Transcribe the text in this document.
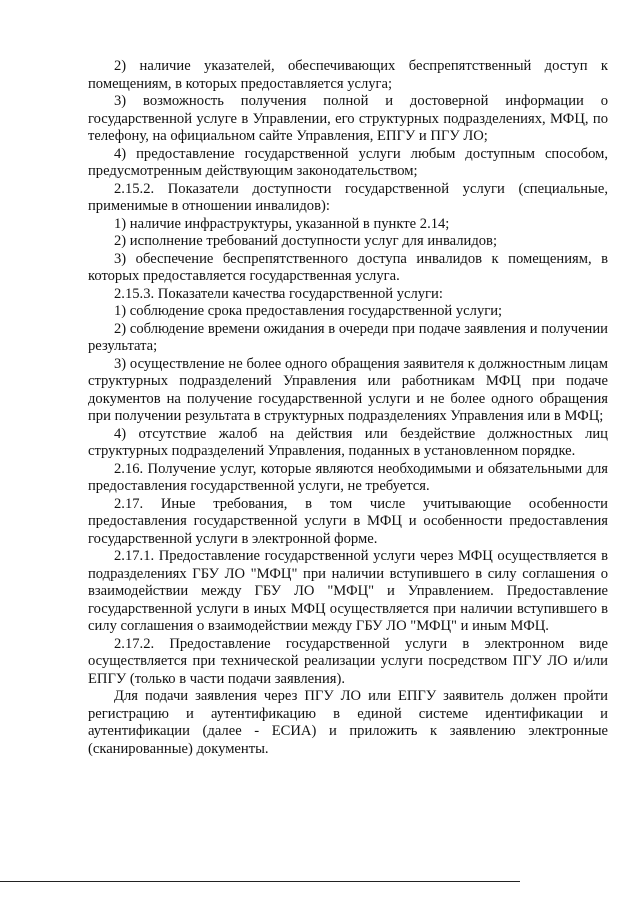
2) наличие указателей, обеспечивающих беспрепятственный доступ к помещениям, в которых предоставляется услуга;

3) возможность получения полной и достоверной информации о государственной услуге в Управлении, его структурных подразделениях, МФЦ, по телефону, на официальном сайте Управления, ЕПГУ и ПГУ ЛО;

4) предоставление государственной услуги любым доступным способом, предусмотренным действующим законодательством;

2.15.2. Показатели доступности государственной услуги (специальные, применимые в отношении инвалидов):

1) наличие инфраструктуры, указанной в пункте 2.14;

2) исполнение требований доступности услуг для инвалидов;

3) обеспечение беспрепятственного доступа инвалидов к помещениям, в которых предоставляется государственная услуга.

2.15.3. Показатели качества государственной услуги:

1) соблюдение срока предоставления государственной услуги;

2) соблюдение времени ожидания в очереди при подаче заявления и получении результата;

3) осуществление не более одного обращения заявителя к должностным лицам структурных подразделений Управления или работникам МФЦ при подаче документов на получение государственной услуги и не более одного обращения при получении результата в структурных подразделениях Управления или в МФЦ;

4) отсутствие жалоб на действия или бездействие должностных лиц структурных подразделений Управления, поданных в установленном порядке.

2.16. Получение услуг, которые являются необходимыми и обязательными для предоставления государственной услуги, не требуется.

2.17. Иные требования, в том числе учитывающие особенности предоставления государственной услуги в МФЦ и особенности предоставления государственной услуги в электронной форме.

2.17.1. Предоставление государственной услуги через МФЦ осуществляется в подразделениях ГБУ ЛО "МФЦ" при наличии вступившего в силу соглашения о взаимодействии между ГБУ ЛО "МФЦ" и Управлением. Предоставление государственной услуги в иных МФЦ осуществляется при наличии вступившего в силу соглашения о взаимодействии между ГБУ ЛО "МФЦ" и иным МФЦ.

2.17.2. Предоставление государственной услуги в электронном виде осуществляется при технической реализации услуги посредством ПГУ ЛО и/или ЕПГУ (только в части подачи заявления).

Для подачи заявления через ПГУ ЛО или ЕПГУ заявитель должен пройти регистрацию и аутентификацию в единой системе идентификации и аутентификации (далее - ЕСИА) и приложить к заявлению электронные (сканированные) документы.
